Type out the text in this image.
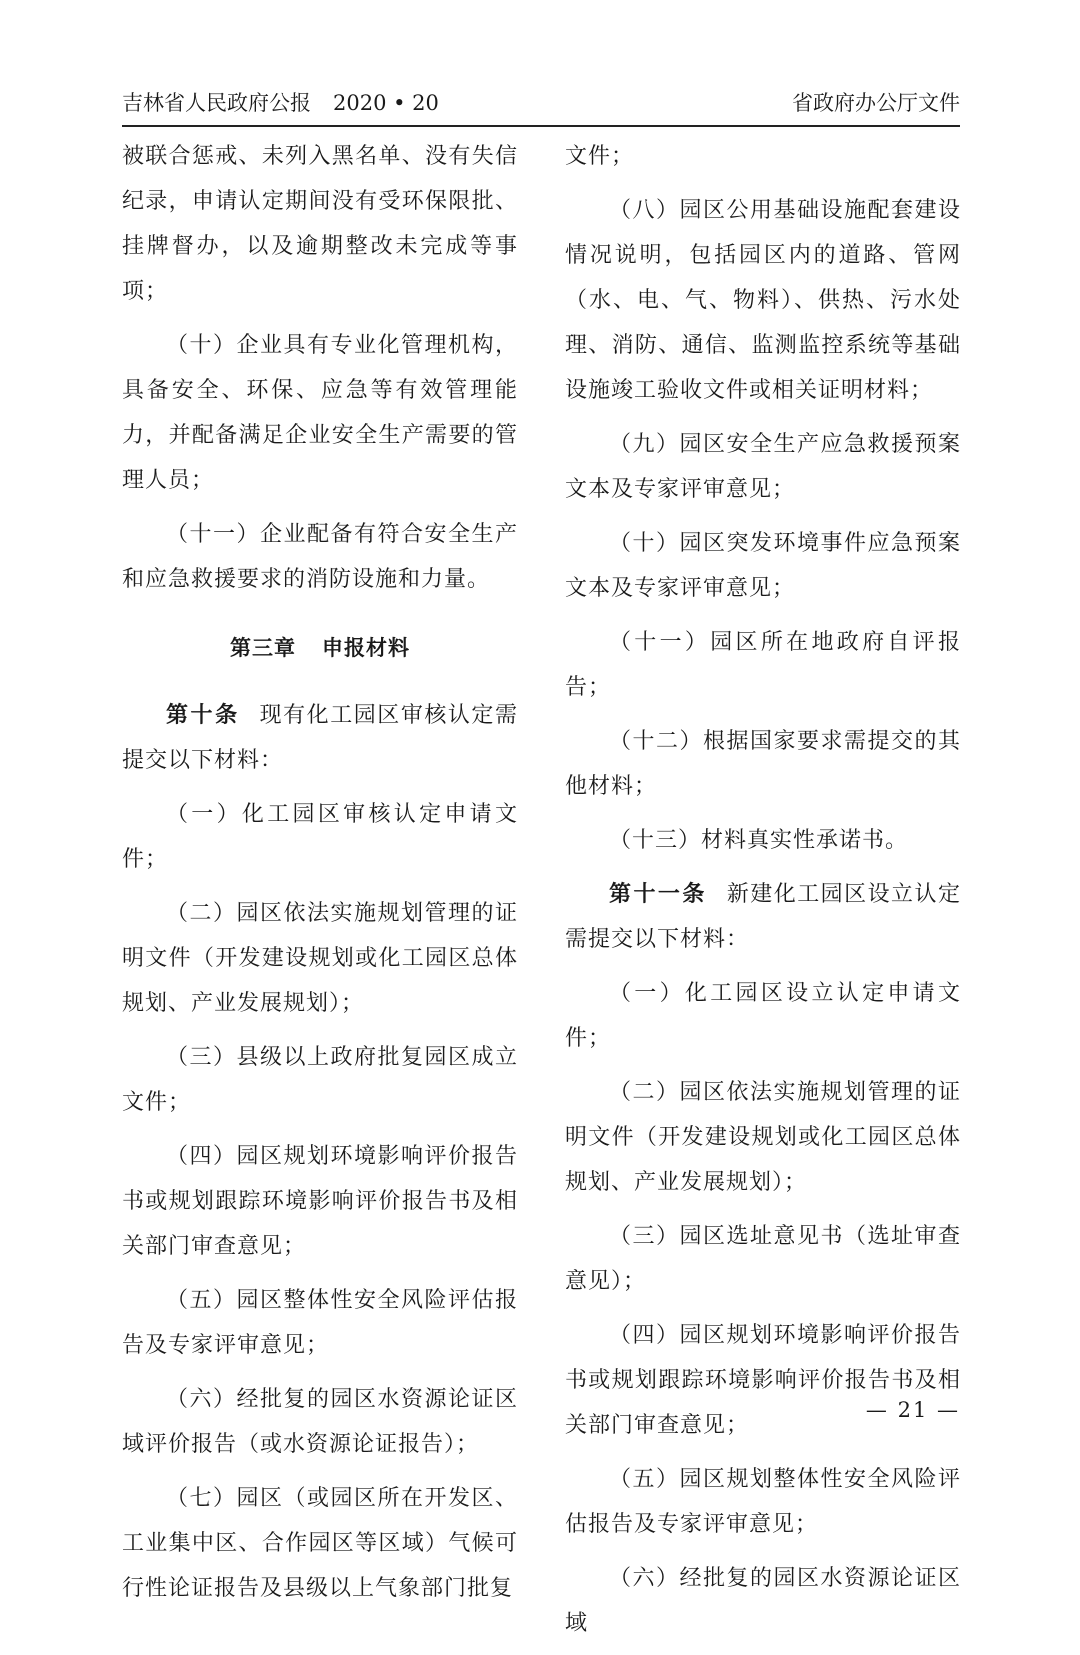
吉林省人民政府公报 2020 • 20	省政府办公厅文件

被联合惩戒、未列入黑名单、没有失信纪录，申请认定期间没有受环保限批、挂牌督办，以及逾期整改未完成等事项；

（十）企业具有专业化管理机构，具备安全、环保、应急等有效管理能力，并配备满足企业安全生产需要的管理人员；

（十一）企业配备有符合安全生产和应急救援要求的消防设施和力量。

第三章 申报材料

第十条 现有化工园区审核认定需提交以下材料：

（一）化工园区审核认定申请文件；

（二）园区依法实施规划管理的证明文件（开发建设规划或化工园区总体规划、产业发展规划）；

（三）县级以上政府批复园区成立文件；

（四）园区规划环境影响评价报告书或规划跟踪环境影响评价报告书及相关部门审查意见；

（五）园区整体性安全风险评估报告及专家评审意见；

（六）经批复的园区水资源论证区域评价报告（或水资源论证报告）；

（七）园区（或园区所在开发区、工业集中区、合作园区等区域）气候可行性论证报告及县级以上气象部门批复

文件；

（八）园区公用基础设施配套建设情况说明，包括园区内的道路、管网（水、电、气、物料）、供热、污水处理、消防、通信、监测监控系统等基础设施竣工验收文件或相关证明材料；

（九）园区安全生产应急救援预案文本及专家评审意见；

（十）园区突发环境事件应急预案文本及专家评审意见；

（十一）园区所在地政府自评报告；

（十二）根据国家要求需提交的其他材料；

（十三）材料真实性承诺书。

第十一条 新建化工园区设立认定需提交以下材料：

（一）化工园区设立认定申请文件；

（二）园区依法实施规划管理的证明文件（开发建设规划或化工园区总体规划、产业发展规划）；

（三）园区选址意见书（选址审查意见）；

（四）园区规划环境影响评价报告书或规划跟踪环境影响评价报告书及相关部门审查意见；

（五）园区规划整体性安全风险评估报告及专家评审意见；

（六）经批复的园区水资源论证区域

— 21 —
